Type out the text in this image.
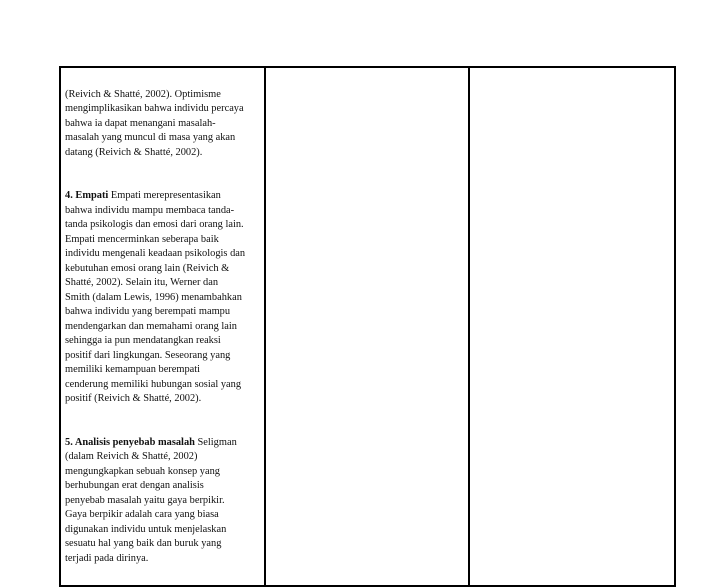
(Reivich & Shatté, 2002). Optimisme
mengimplikasikan bahwa individu percaya
bahwa ia dapat menangani masalah-
masalah yang muncul di masa yang akan
datang (Reivich & Shatté, 2002).

4. Empati Empati merepresentasikan
bahwa individu mampu membaca tanda-
tanda psikologis dan emosi dari orang lain.
Empati mencerminkan seberapa baik
individu mengenali keadaan psikologis dan
kebutuhan emosi orang lain (Reivich &
Shatté, 2002). Selain itu, Werner dan
Smith (dalam Lewis, 1996) menambahkan
bahwa individu yang berempati mampu
mendengarkan dan memahami orang lain
sehingga ia pun mendatangkan reaksi
positif dari lingkungan. Seseorang yang
memiliki kemampuan berempati
cenderung memiliki hubungan sosial yang
positif (Reivich & Shatté, 2002).

5. Analisis penyebab masalah Seligman
(dalam Reivich & Shatté, 2002)
mengungkapkan sebuah konsep yang
berhubungan erat dengan analisis
penyebab masalah yaitu gaya berpikir.
Gaya berpikir adalah cara yang biasa
digunakan individu untuk menjelaskan
sesuatu hal yang baik dan buruk yang
terjadi pada dirinya.
